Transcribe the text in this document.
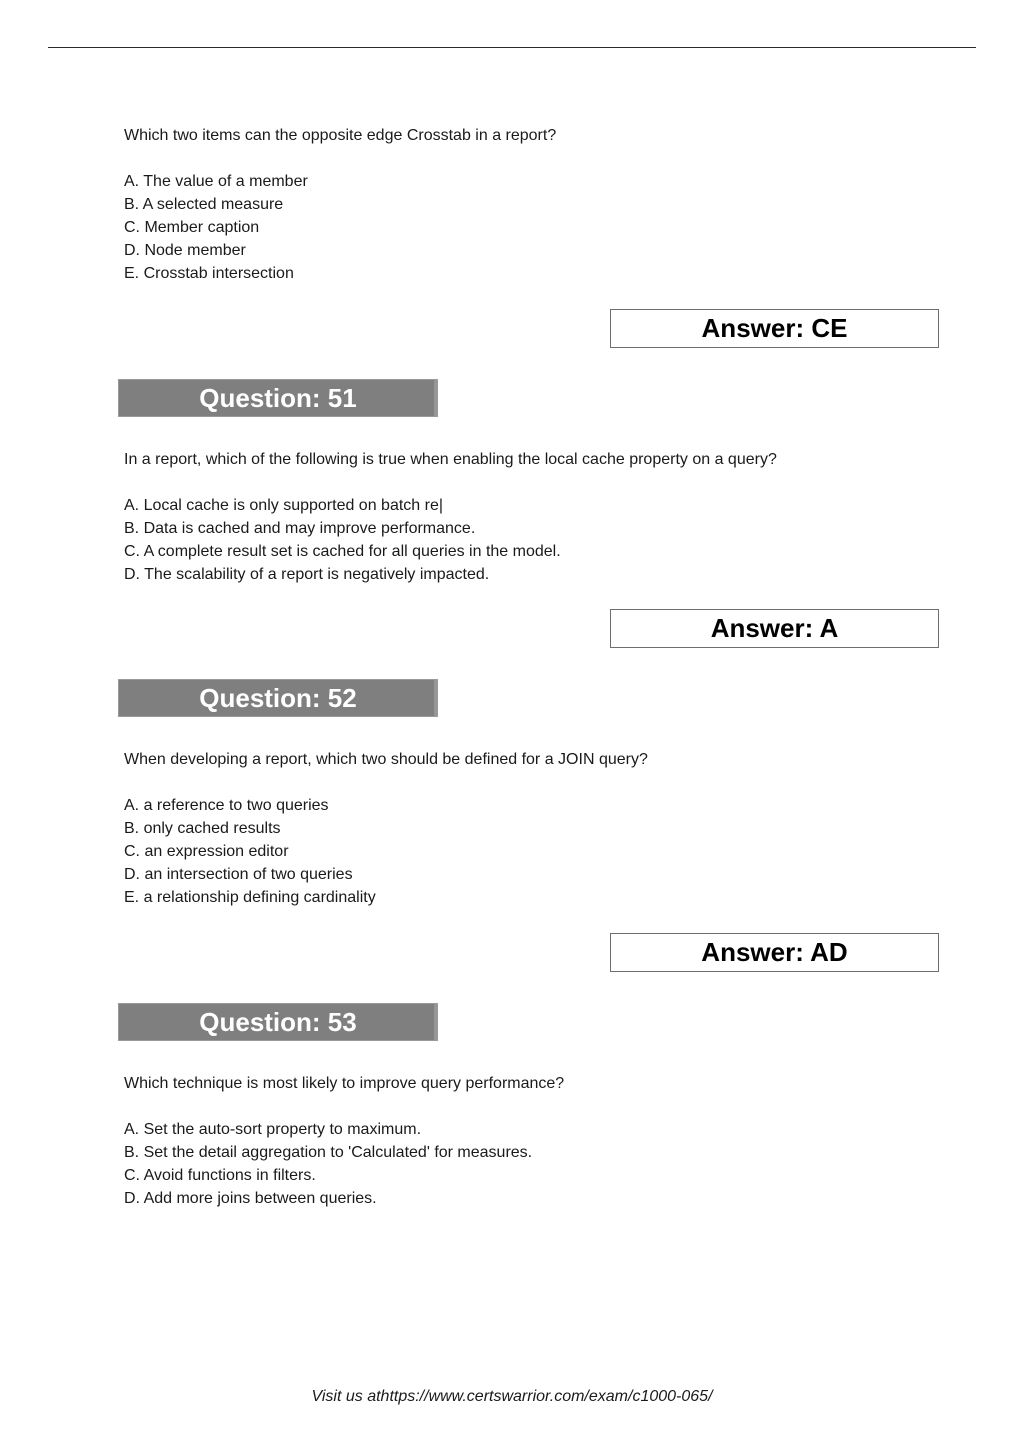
Which two items can the opposite edge Crosstab in a report?
A. The value of a member
B. A selected measure
C. Member caption
D. Node member
E. Crosstab intersection
Answer: CE
Question: 51
In a report, which of the following is true when enabling the local cache property on a query?
A. Local cache is only supported on batch re|
B. Data is cached and may improve performance.
C. A complete result set is cached for all queries in the model.
D. The scalability of a report is negatively impacted.
Answer: A
Question: 52
When developing a report, which two should be defined for a JOIN query?
A. a reference to two queries
B. only cached results
C. an expression editor
D. an intersection of two queries
E. a relationship defining cardinality
Answer: AD
Question: 53
Which technique is most likely to improve query performance?
A. Set the auto-sort property to maximum.
B. Set the detail aggregation to 'Calculated' for measures.
C. Avoid functions in filters.
D. Add more joins between queries.
Visit us athttps://www.certswarrior.com/exam/c1000-065/
